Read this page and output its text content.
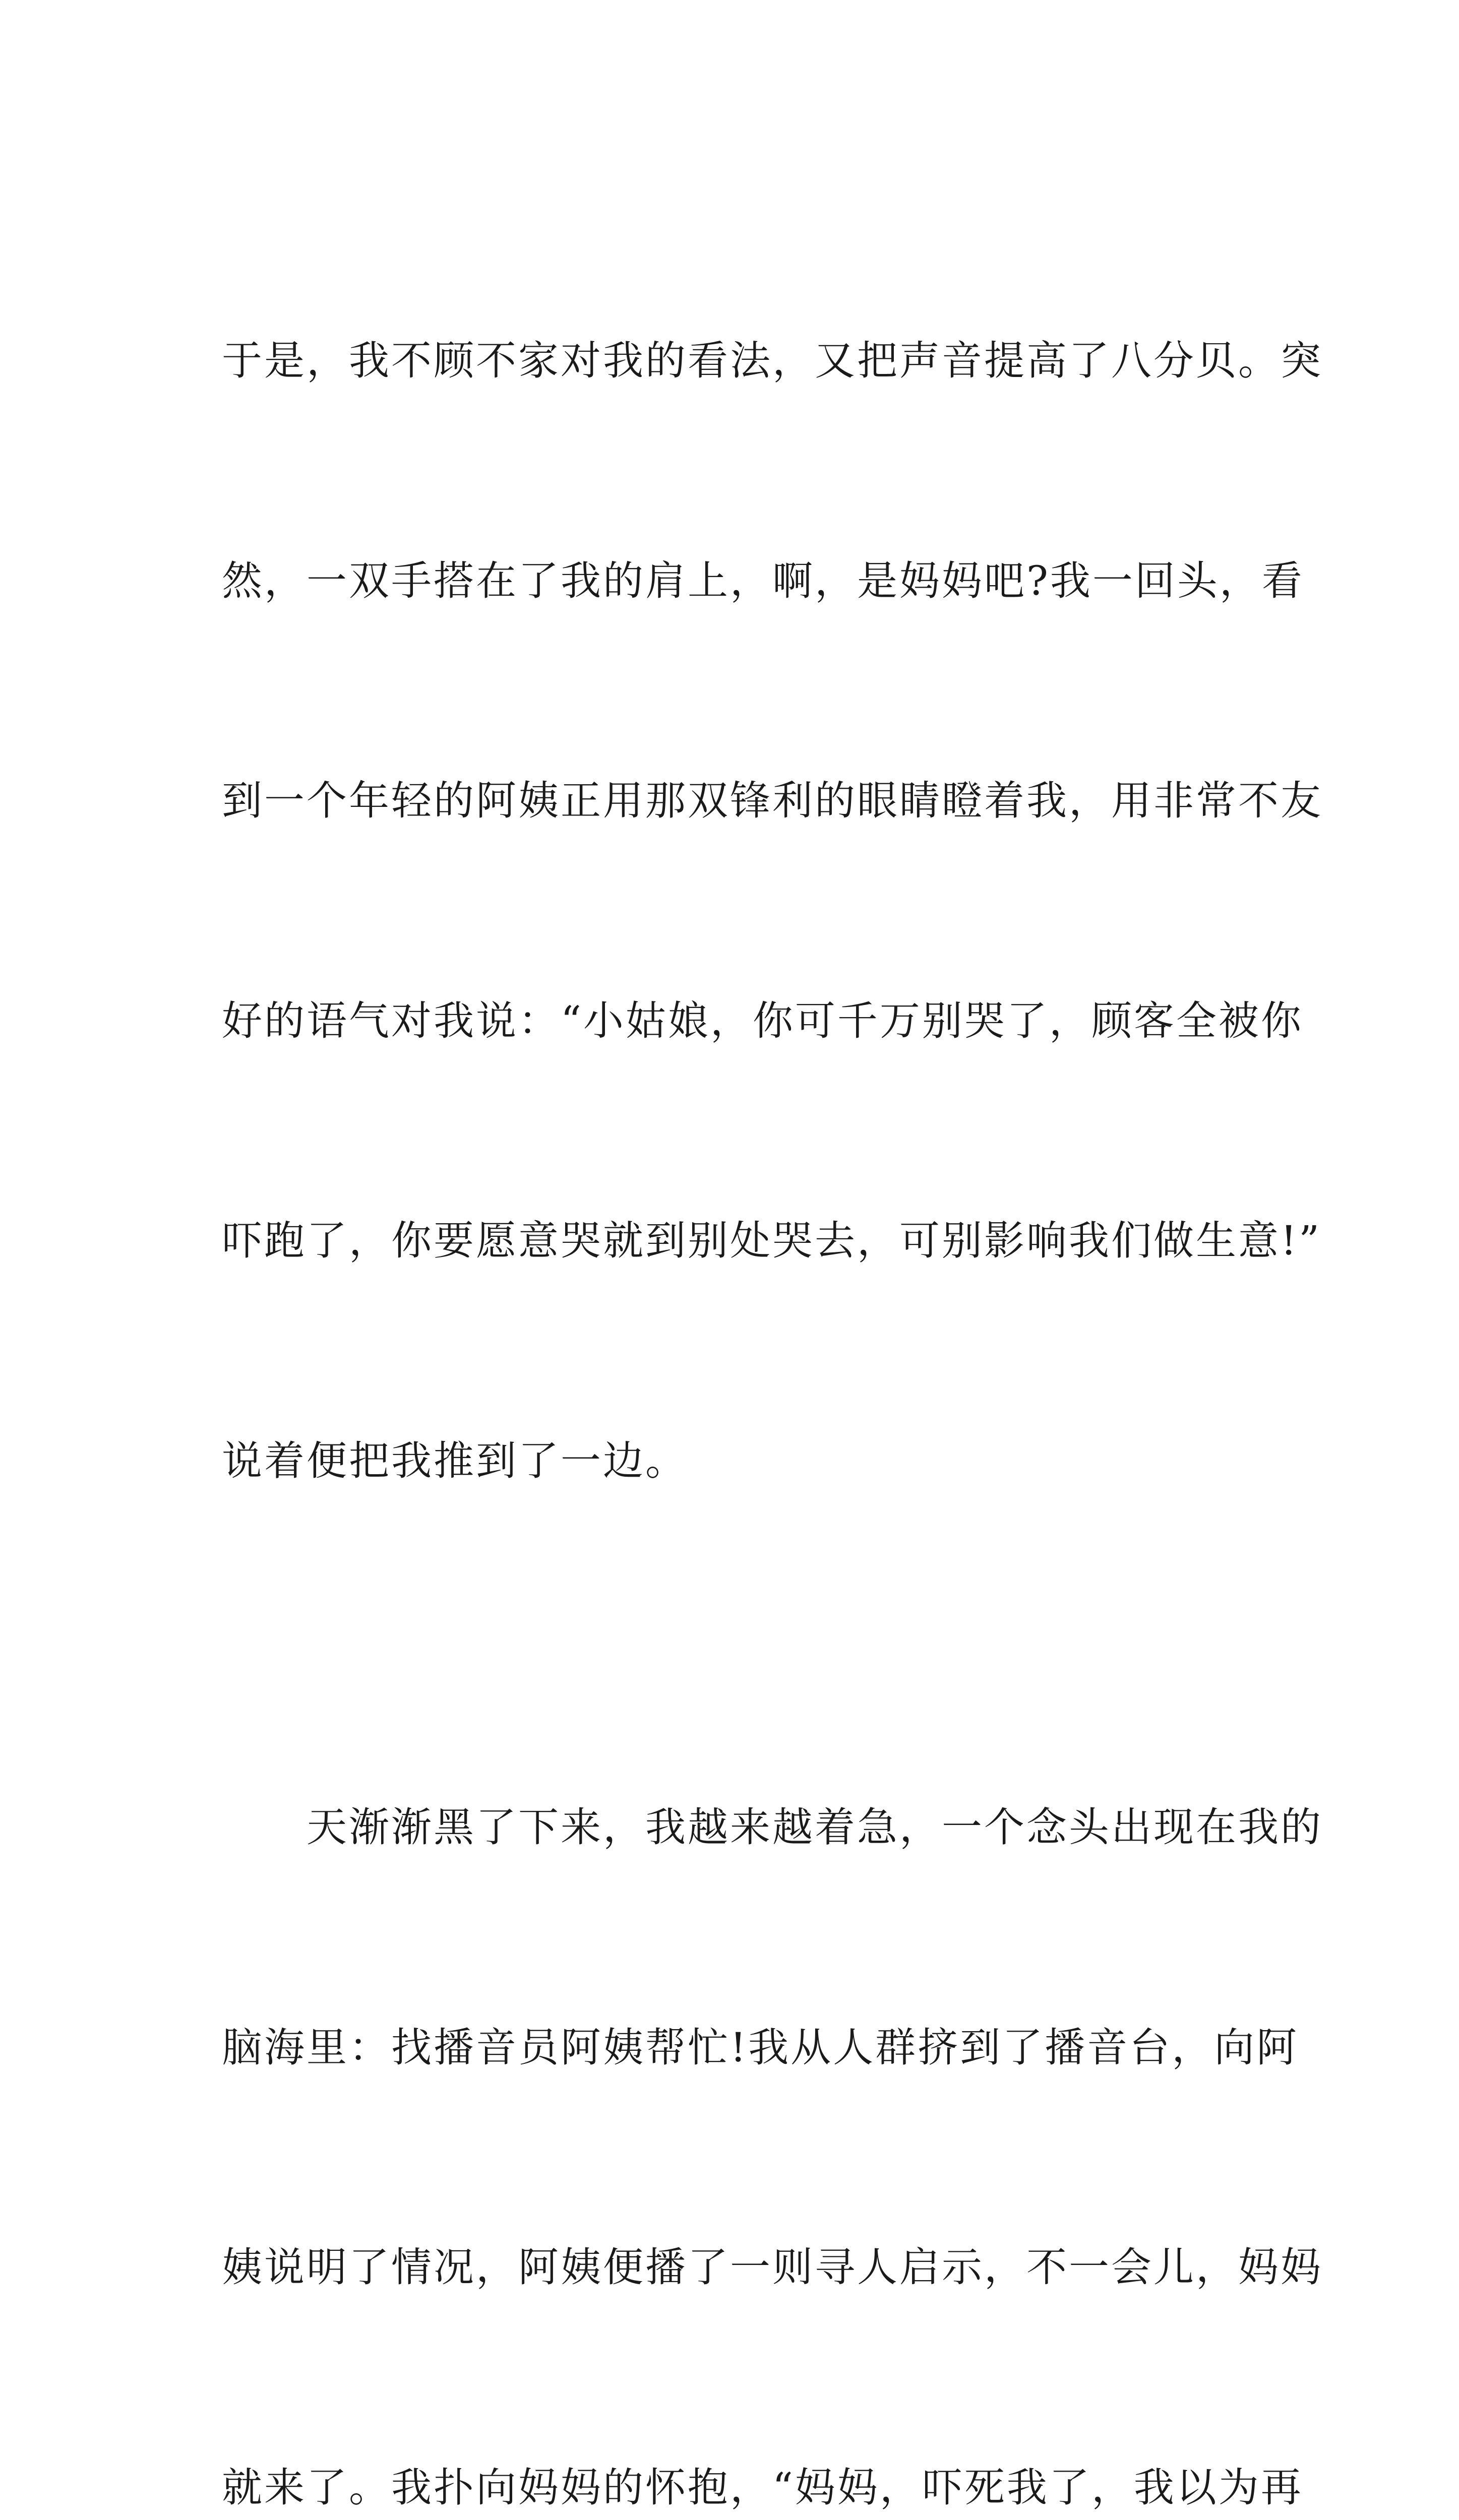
于是，我不顾不家对我的看法，又把声音提高了八分贝。突

然，一双手搭在了我的肩上，啊，是妈妈吧?我一回头，看

到一个年轻的阿姨正用那双锋利的眼睛瞪着我，用非常不友

好的语气对我说：“小姑娘，你可千万别哭了，顾客全被你

吓跑了，你要愿意哭就到别处哭去，可别影响我们做生意!”

说着便把我推到了一边。

天渐渐黑了下来，我越来越着急，一个念头出现在我的

脑海里：找播音员阿姨帮忙!我从人群挤到了播音台，向阿

姨说明了情况，阿姨便播了一则寻人启示，不一会儿，妈妈

就来了。我扑向妈妈的怀抱，“妈妈，吓死我了，我以为再
